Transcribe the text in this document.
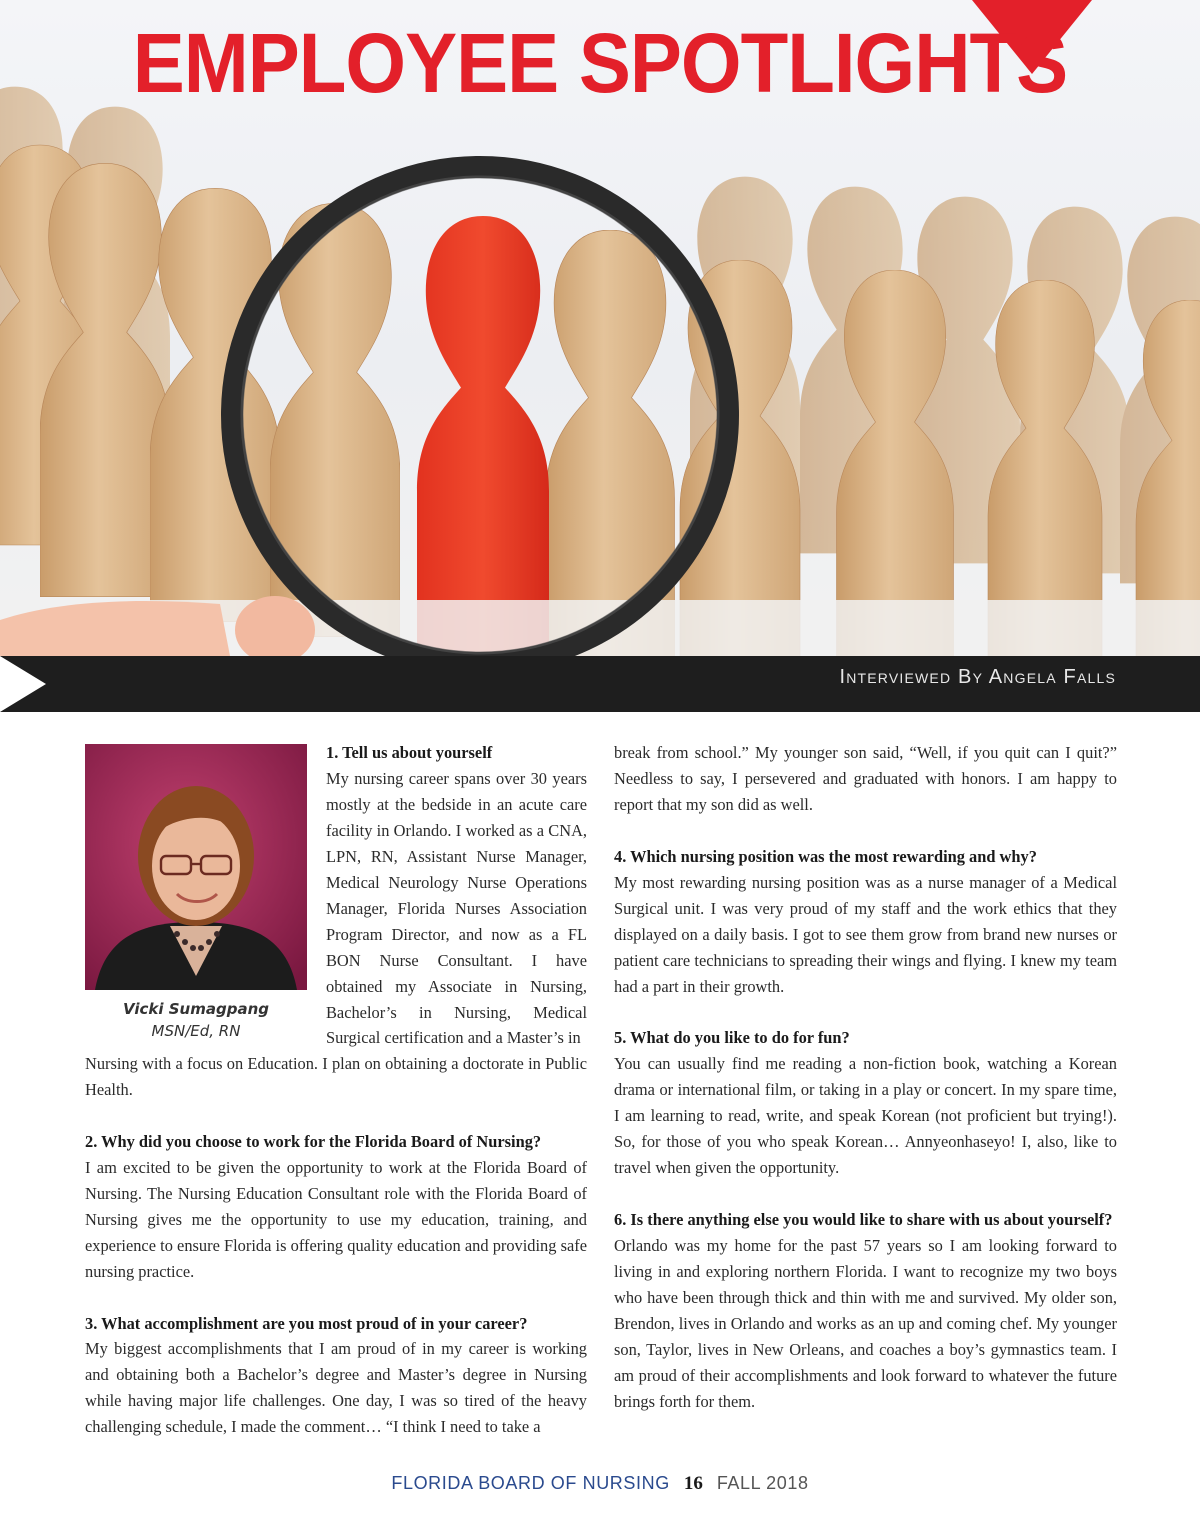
EMPLOYEE SPOTLIGHTS
Interviewed By Angela Falls
Vicki Sumagpang
MSN/Ed, RN

1. Tell us about yourself

My nursing career spans over 30 years mostly at the bedside in an acute care facility in Orlando. I worked as a CNA, LPN, RN, Assistant Nurse Manager, Medical Neurology Nurse Operations Manager, Florida Nurses Association Program Director, and now as a FL BON Nurse Consultant. I have obtained my Associate in Nursing, Bachelor’s in Nursing, Medical Surgical certification and a Master’s in

Nursing with a focus on Education. I plan on obtaining a doctorate in Public Health.

2. Why did you choose to work for the Florida Board of Nursing?

I am excited to be given the opportunity to work at the Florida Board of Nursing. The Nursing Education Consultant role with the Florida Board of Nursing gives me the opportunity to use my education, training, and experience to ensure Florida is offering quality education and providing safe nursing practice.

3. What accomplishment are you most proud of in your career?

My biggest accomplishments that I am proud of in my career is working and obtaining both a Bachelor’s degree and Master’s degree in Nursing while having major life challenges. One day, I was so tired of the heavy challenging schedule, I made the comment… “I think I need to take a

break from school.” My younger son said, “Well, if you quit can I quit?” Needless to say, I persevered and graduated with honors. I am happy to report that my son did as well.

4. Which nursing position was the most rewarding and why?

My most rewarding nursing position was as a nurse manager of a Medical Surgical unit. I was very proud of my staff and the work ethics that they displayed on a daily basis. I got to see them grow from brand new nurses or patient care technicians to spreading their wings and flying. I knew my team had a part in their growth.

5. What do you like to do for fun?

You can usually find me reading a non-fiction book, watching a Korean drama or international film, or taking in a play or concert. In my spare time, I am learning to read, write, and speak Korean (not proficient but trying!). So, for those of you who speak Korean… Annyeonhaseyo! I, also, like to travel when given the opportunity.

6. Is there anything else you would like to share with us about yourself?

Orlando was my home for the past 57 years so I am looking forward to living in and exploring northern Florida. I want to recognize my two boys who have been through thick and thin with me and survived. My older son, Brendon, lives in Orlando and works as an up and coming chef. My younger son, Taylor, lives in New Orleans, and coaches a boy’s gymnastics team. I am proud of their accomplishments and look forward to whatever the future brings forth for them.

FLORIDA BOARD OF NURSING 16 FALL 2018
